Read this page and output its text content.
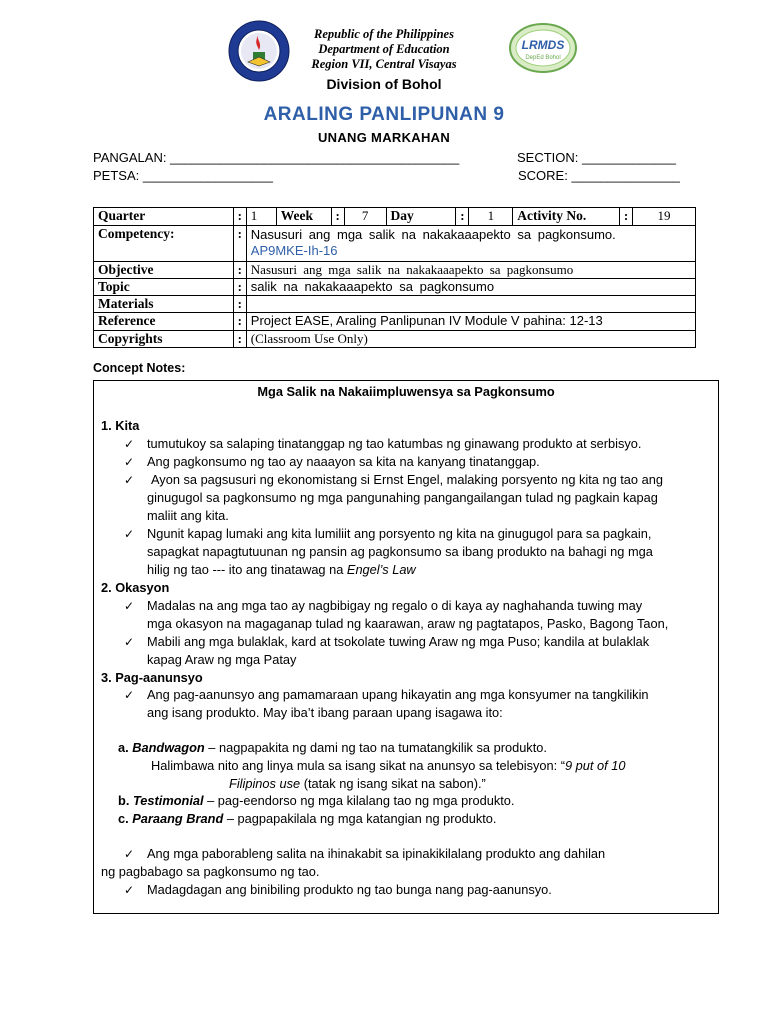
LRMDS
DepEd Bohol
Republic of the Philippines
Department of Education
Region VII, Central Visayas
Division of Bohol
ARALING PANLIPUNAN 9
UNANG MARKAHAN
PANGALAN: ________________________________________	SECTION: _____________
PETSA: __________________	SCORE: _______________
Quarter	:	1	Week	:	7	Day	:	1	Activity No.	:	19
Competency:	:	Nasusuri ang mga salik na nakakaaapekto sa pagkonsumo.
AP9MKE-Ih-16									

Objective	:	Nasusuri ang mga salik na nakakaaapekto sa pagkonsumo									
Topic	:	salik na nakakaaapekto sa pagkonsumo									
Materials	:										
Reference	:	Project EASE, Araling Panlipunan IV Module V pahina: 12-13									
Copyrights	:	(Classroom Use Only)									
Concept Notes:
Mga Salik na Nakaiimpluwensya sa Pagkonsumo
1. Kita
✓ tumutukoy sa salaping tinatanggap ng tao katumbas ng ginawang produkto at serbisyo.
✓ Ang pagkonsumo ng tao ay naaayon sa kita na kanyang tinatanggap.
✓ Ayon sa pagsusuri ng ekonomistang si Ernst Engel, malaking porsyento ng kita ng tao ang
ginugugol sa pagkonsumo ng mga pangunahing pangangailangan tulad ng pagkain kapag
maliit ang kita.
✓ Ngunit kapag lumaki ang kita lumiliit ang porsyento ng kita na ginugugol para sa pagkain,
sapagkat napagtutuunan ng pansin ag pagkonsumo sa ibang produkto na bahagi ng mga
hilig ng tao --- ito ang tinatawag na Engel’s Law
2. Okasyon
✓ Madalas na ang mga tao ay nagbibigay ng regalo o di kaya ay naghahanda tuwing may
mga okasyon na magaganap tulad ng kaarawan, araw ng pagtatapos, Pasko, Bagong Taon,
✓ Mabili ang mga bulaklak, kard at tsokolate tuwing Araw ng mga Puso; kandila at bulaklak
kapag Araw ng mga Patay
3. Pag-aanunsyo
✓ Ang pag-aanunsyo ang pamamaraan upang hikayatin ang mga konsyumer na tangkilikin
ang isang produkto. May iba’t ibang paraan upang isagawa ito:
a. Bandwagon – nagpapakita ng dami ng tao na tumatangkilik sa produkto.
Halimbawa nito ang linya mula sa isang sikat na anunsyo sa telebisyon: “9 put of 10
Filipinos use (tatak ng isang sikat na sabon).”
b. Testimonial – pag-eendorso ng mga kilalang tao ng mga produkto.
c. Paraang Brand – pagpapakilala ng mga katangian ng produkto.
✓ Ang mga paborableng salita na ihinakabit sa ipinakikilalang produkto ang dahilan
ng pagbabago sa pagkonsumo ng tao.
✓ Madagdagan ang binibiling produkto ng tao bunga nang pag-aanunsyo.
